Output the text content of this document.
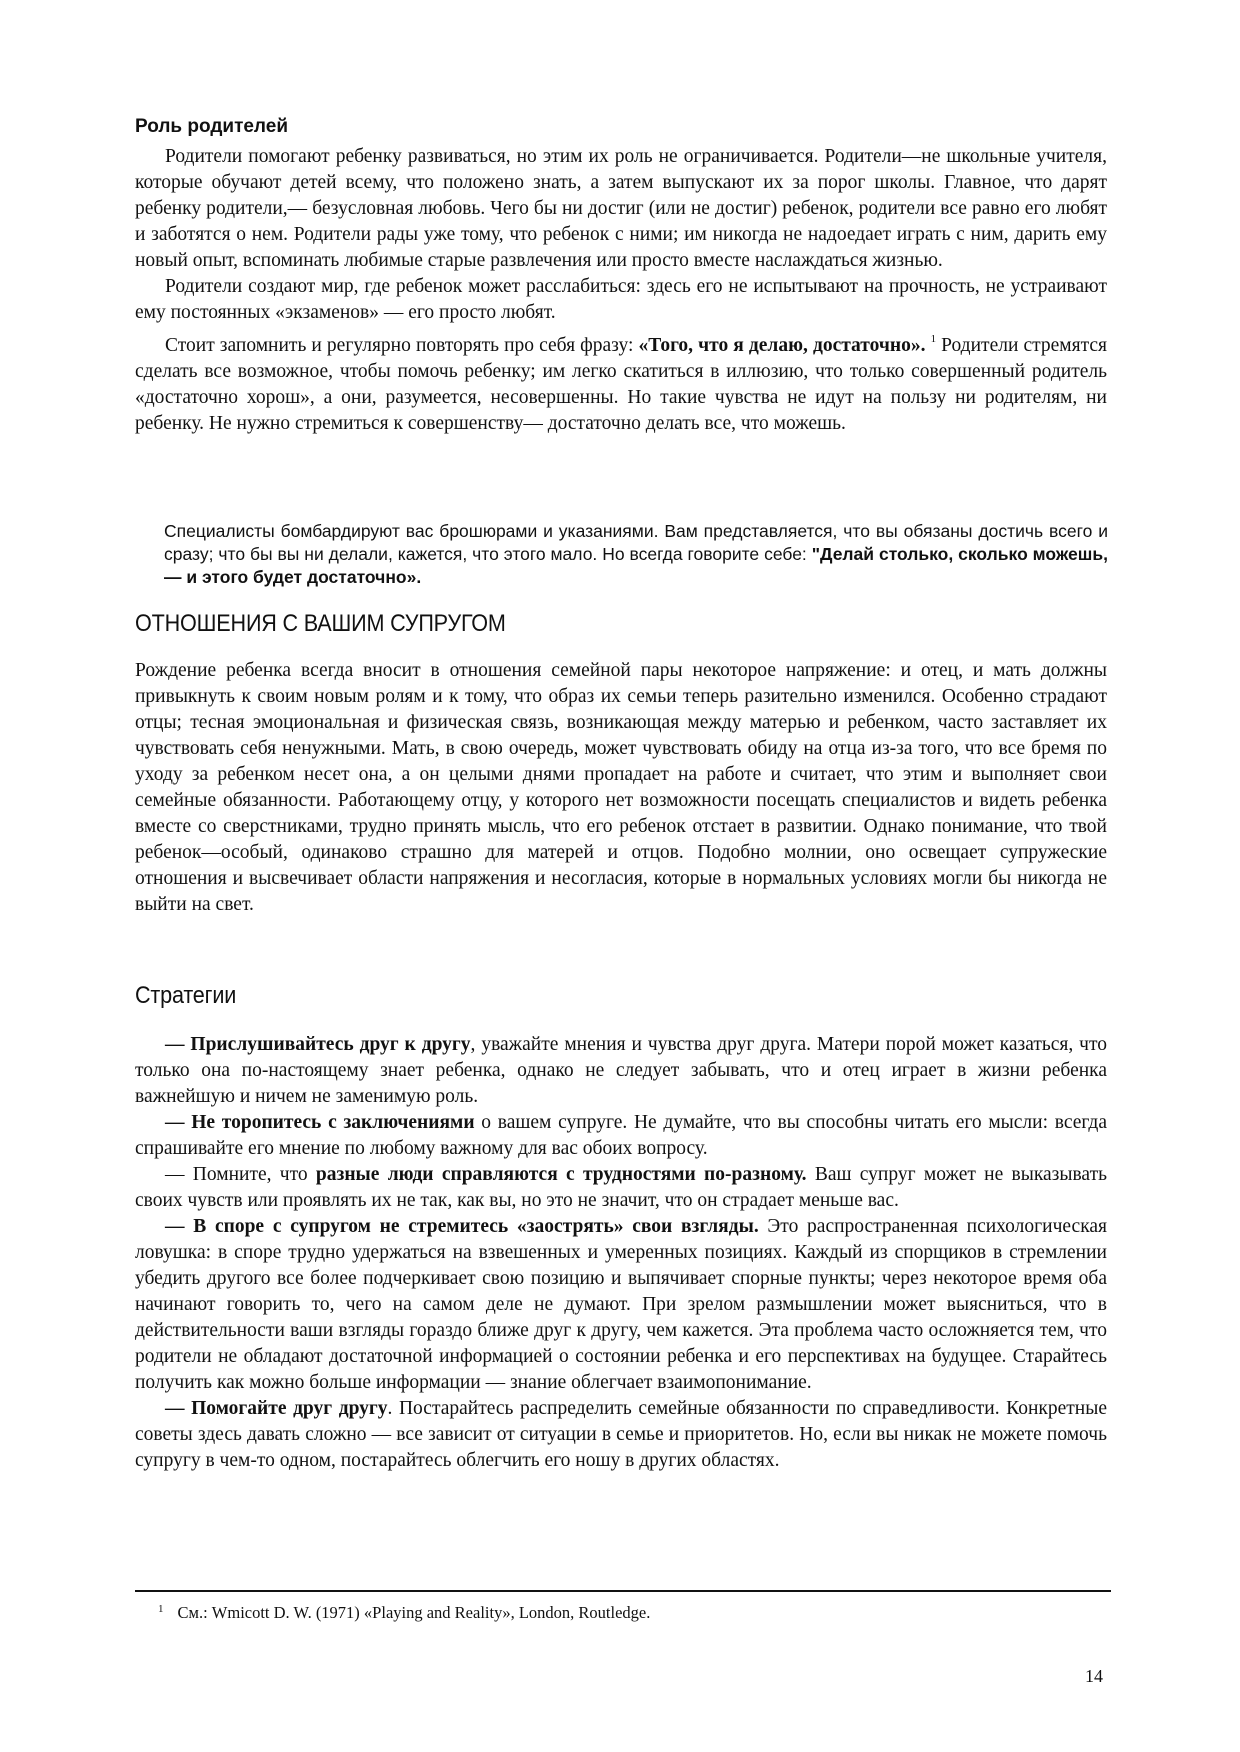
Роль родителей

Родители помогают ребенку развиваться, но этим их роль не ограничивается. Родители—не школьные учителя, которые обучают детей всему, что положено знать, а затем выпускают их за порог школы. Главное, что дарят ребенку родители,— безусловная любовь. Чего бы ни достиг (или не достиг) ребенок, родители все равно его любят и заботятся о нем. Родители рады уже тому, что ребенок с ними; им никогда не надоедает играть с ним, дарить ему новый опыт, вспоминать любимые старые развлечения или просто вместе наслаждаться жизнью.

Родители создают мир, где ребенок может расслабиться: здесь его не испытывают на прочность, не устраивают ему постоянных «экзаменов» — его просто любят.

Стоит запомнить и регулярно повторять про себя фразу: «Того, что я делаю, достаточно». $^1$ Родители стремятся сделать все возможное, чтобы помочь ребенку; им легко скатиться в иллюзию, что только совершенный родитель «достаточно хорош», а они, разумеется, несовершенны. Но такие чувства не идут на пользу ни родителям, ни ребенку. Не нужно стремиться к совершенству— достаточно делать все, что можешь.

Специалисты бомбардируют вас брошюрами и указаниями. Вам представляется, что вы обязаны достичь всего и сразу; что бы вы ни делали, кажется, что этого мало. Но всегда говорите себе: "Делай столько, сколько можешь, — и этого будет достаточно».

ОТНОШЕНИЯ С ВАШИМ СУПРУГОМ

Рождение ребенка всегда вносит в отношения семейной пары некоторое напряжение: и отец, и мать должны привыкнуть к своим новым ролям и к тому, что образ их семьи теперь разительно изменился. Особенно страдают отцы; тесная эмоциональная и физическая связь, возникающая между матерью и ребенком, часто заставляет их чувствовать себя ненужными. Мать, в свою очередь, может чувствовать обиду на отца из-за того, что все бремя по уходу за ребенком несет она, а он целыми днями пропадает на работе и считает, что этим и выполняет свои семейные обязанности. Работающему отцу, у которого нет возможности посещать специалистов и видеть ребенка вместе со сверстниками, трудно принять мысль, что его ребенок отстает в развитии. Однако понимание, что твой ребенок—особый, одинаково страшно для матерей и отцов. Подобно молнии, оно освещает супружеские отношения и высвечивает области напряжения и несогласия, которые в нормальных условиях могли бы никогда не выйти на свет.

Стратегии

— Прислушивайтесь друг к другу, уважайте мнения и чувства друг друга. Матери порой может казаться, что только она по-настоящему знает ребенка, однако не следует забывать, что и отец играет в жизни ребенка важнейшую и ничем не заменимую роль.

— Не торопитесь с заключениями о вашем супруге. Не думайте, что вы способны читать его мысли: всегда спрашивайте его мнение по любому важному для вас обоих вопросу.

— Помните, что разные люди справляются с трудностями по-разному. Ваш супруг может не выказывать своих чувств или проявлять их не так, как вы, но это не значит, что он страдает меньше вас.

— В споре с супругом не стремитесь «заострять» свои взгляды. Это распространенная психологическая ловушка: в споре трудно удержаться на взвешенных и умеренных позициях. Каждый из спорщиков в стремлении убедить другого все более подчеркивает свою позицию и выпячивает спорные пункты; через некоторое время оба начинают говорить то, чего на самом деле не думают. При зрелом размышлении может выясниться, что в действительности ваши взгляды гораздо ближе друг к другу, чем кажется. Эта проблема часто осложняется тем, что родители не обладают достаточной информацией о состоянии ребенка и его перспективах на будущее. Старайтесь получить как можно больше информации — знание облегчает взаимопонимание.

— Помогайте друг другу. Постарайтесь распределить семейные обязанности по справедливости. Конкретные советы здесь давать сложно — все зависит от ситуации в семье и приоритетов. Но, если вы никак не можете помочь супругу в чем-то одном, постарайтесь облегчить его ношу в других областях.

$^1$ См.: Wmicott D. W. (1971) «Playing and Reality», London, Routledge.
14
